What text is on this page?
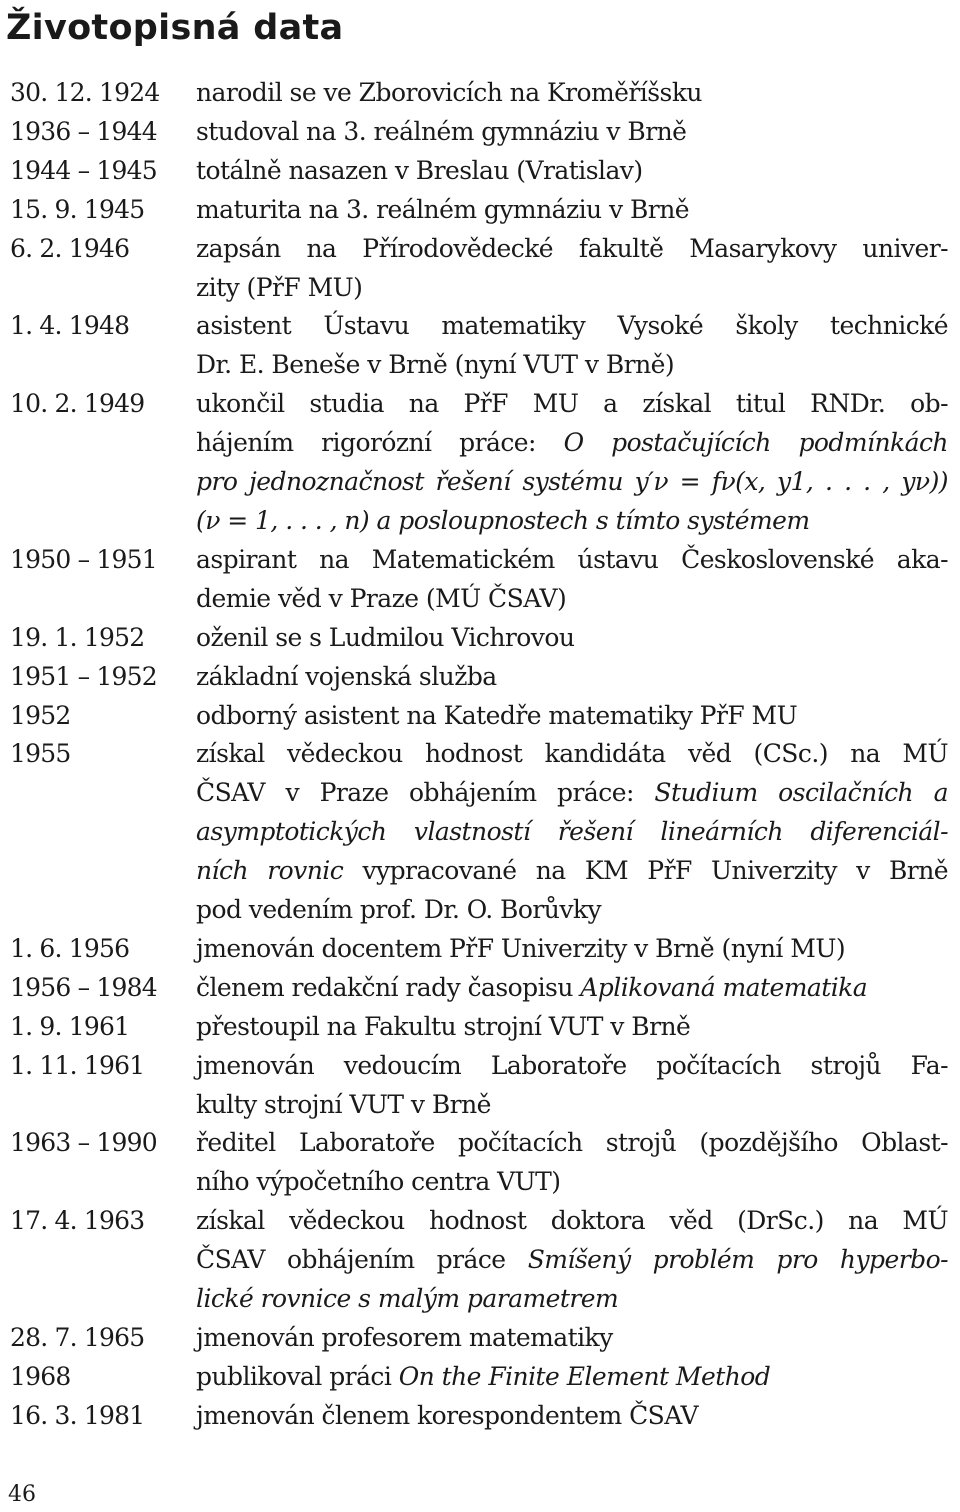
Životopisná data
30. 12. 1924	narodil se ve Zborovicích na Kroměříšsku
1936 – 1944	studoval na 3. reálném gymnáziu v Brně
1944 – 1945	totálně nasazen v Breslau (Vratislav)
15. 9. 1945	maturita na 3. reálném gymnáziu v Brně
6. 2. 1946	zapsán na Přírodovědecké fakultě Masarykovy univer-
zity (PřF MU)
1. 4. 1948	asistent Ústavu matematiky Vysoké školy technické
Dr. E. Beneše v Brně (nyní VUT v Brně)
10. 2. 1949	ukončil studia na PřF MU a získal titul RNDr. ob-
hájením rigorózní práce: O postačujících podmínkách
pro jednoznačnost řešení systému y′ν = fν(x, y1, . . . , yν))
(ν = 1, . . . , n) a posloupnostech s tímto systémem
1950 – 1951	aspirant na Matematickém ústavu Československé aka-
demie věd v Praze (MÚ ČSAV)
19. 1. 1952	oženil se s Ludmilou Vichrovou
1951 – 1952	základní vojenská služba
1952	odborný asistent na Katedře matematiky PřF MU
1955	získal vědeckou hodnost kandidáta věd (CSc.) na MÚ
ČSAV v Praze obhájením práce: Studium oscilačních a
asymptotických vlastností řešení lineárních diferenciál-
ních rovnic vypracované na KM PřF Univerzity v Brně
pod vedením prof. Dr. O. Borůvky
1. 6. 1956	jmenován docentem PřF Univerzity v Brně (nyní MU)
1956 – 1984	členem redakční rady časopisu Aplikovaná matematika
1. 9. 1961	přestoupil na Fakultu strojní VUT v Brně
1. 11. 1961	jmenován vedoucím Laboratoře počítacích strojů Fa-
kulty strojní VUT v Brně
1963 – 1990	ředitel Laboratoře počítacích strojů (pozdějšího Oblast-
ního výpočetního centra VUT)
17. 4. 1963	získal vědeckou hodnost doktora věd (DrSc.) na MÚ
ČSAV obhájením práce Smíšený problém pro hyperbo-
lické rovnice s malým parametrem
28. 7. 1965	jmenován profesorem matematiky
1968	publikoval práci On the Finite Element Method
16. 3. 1981	jmenován členem korespondentem ČSAV
46
